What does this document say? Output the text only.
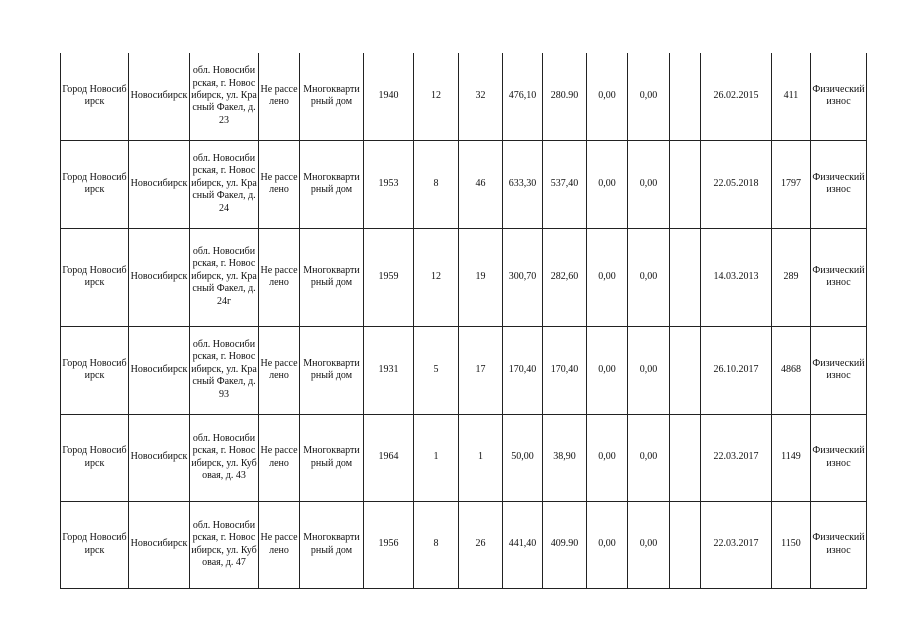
Город Новосибирск	Новосибирск	обл. Новосибирская, г. Новосибирск, ул. Красный Факел, д. 23	Не расселено	Многоквартирный дом	1940	12	32	476,10	280.90	0,00	0,00		26.02.2015	411	Физический износ
Город Новосибирск	Новосибирск	обл. Новосибирская, г. Новосибирск, ул. Красный Факел, д. 24	Не расселено	Многоквартирный дом	1953	8	46	633,30	537,40	0,00	0,00		22.05.2018	1797	Физический износ
Город Новосибирск	Новосибирск	обл. Новосибирская, г. Новосибирск, ул. Красный Факел, д. 24г	Не расселено	Многоквартирный дом	1959	12	19	300,70	282,60	0,00	0,00		14.03.2013	289	Физический износ
Город Новосибирск	Новосибирск	обл. Новосибирская, г. Новосибирск, ул. Красный Факел, д. 93	Не расселено	Многоквартирный дом	1931	5	17	170,40	170,40	0,00	0,00		26.10.2017	4868	Физический износ
Город Новосибирск	Новосибирск	обл. Новосибирская, г. Новосибирск, ул. Кубовая, д. 43	Не расселено	Многоквартирный дом	1964	1	1	50,00	38,90	0,00	0,00		22.03.2017	1149	Физический износ
Город Новосибирск	Новосибирск	обл. Новосибирская, г. Новосибирск, ул. Кубовая, д. 47	Не расселено	Многоквартирный дом	1956	8	26	441,40	409.90	0,00	0,00		22.03.2017	1150	Физический износ
